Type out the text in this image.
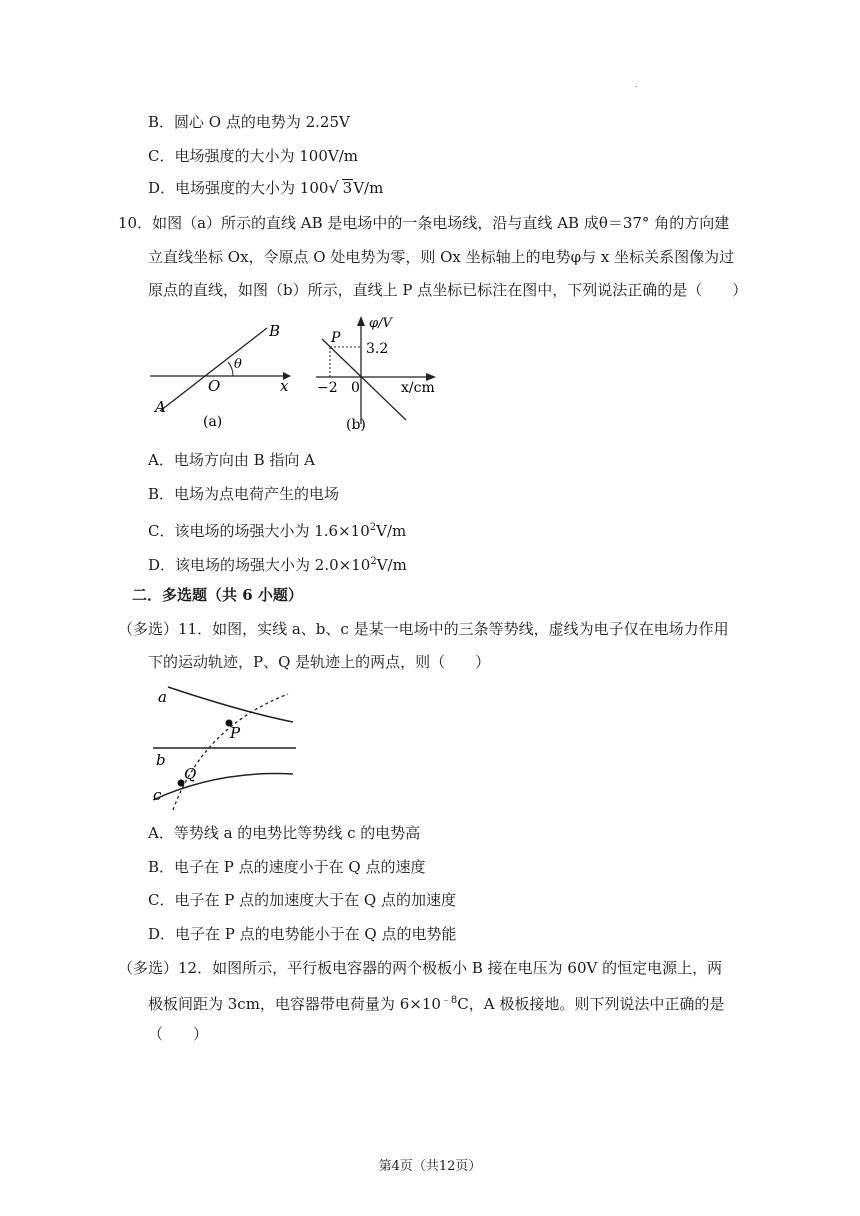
.
B．圆心 O 点的电势为 2.25V
C．电场强度的大小为 100V/m
D．电场强度的大小为 100√ 3V/m
10．如图（a）所示的直线 AB 是电场中的一条电场线，沿与直线 AB 成θ＝37° 角的方向建
立直线坐标 Ox，令原点 O 处电势为零，则 Ox 坐标轴上的电势φ与 x 坐标关系图像为过
原点的直线，如图（b）所示，直线上 P 点坐标已标注在图中，下列说法正确的是（　　）
B
θ
O	x
A
(a)
φ/V
P
3.2
−2 0	x/cm
(b)
A．电场方向由 B 指向 A
B．电场为点电荷产生的电场
C．该电场的场强大小为 $1.6\times 10^2V/m$
D．该电场的场强大小为 $2.0\times 10^2V/m$
二．多选题（共 6 小题）
（多选）11．如图，实线 a、b、c 是某一电场中的三条等势线，虚线为电子仅在电场力作用
下的运动轨迹，P、Q 是轨迹上的两点，则（　　）
a
b
c
P
Q
A．等势线 a 的电势比等势线 c 的电势高
B．电子在 P 点的速度小于在 Q 点的速度
C．电子在 P 点的加速度大于在 Q 点的加速度
D．电子在 P 点的电势能小于在 Q 点的电势能
（多选）12．如图所示，平行板电容器的两个极板小 B 接在电压为 60V 的恒定电源上，两
极板间距为 3cm，电容器带电荷量为 $6\times 10^{﹣8}C$，A 极板接地。则下列说法中正确的是
（　　）
第4页（共12页）
